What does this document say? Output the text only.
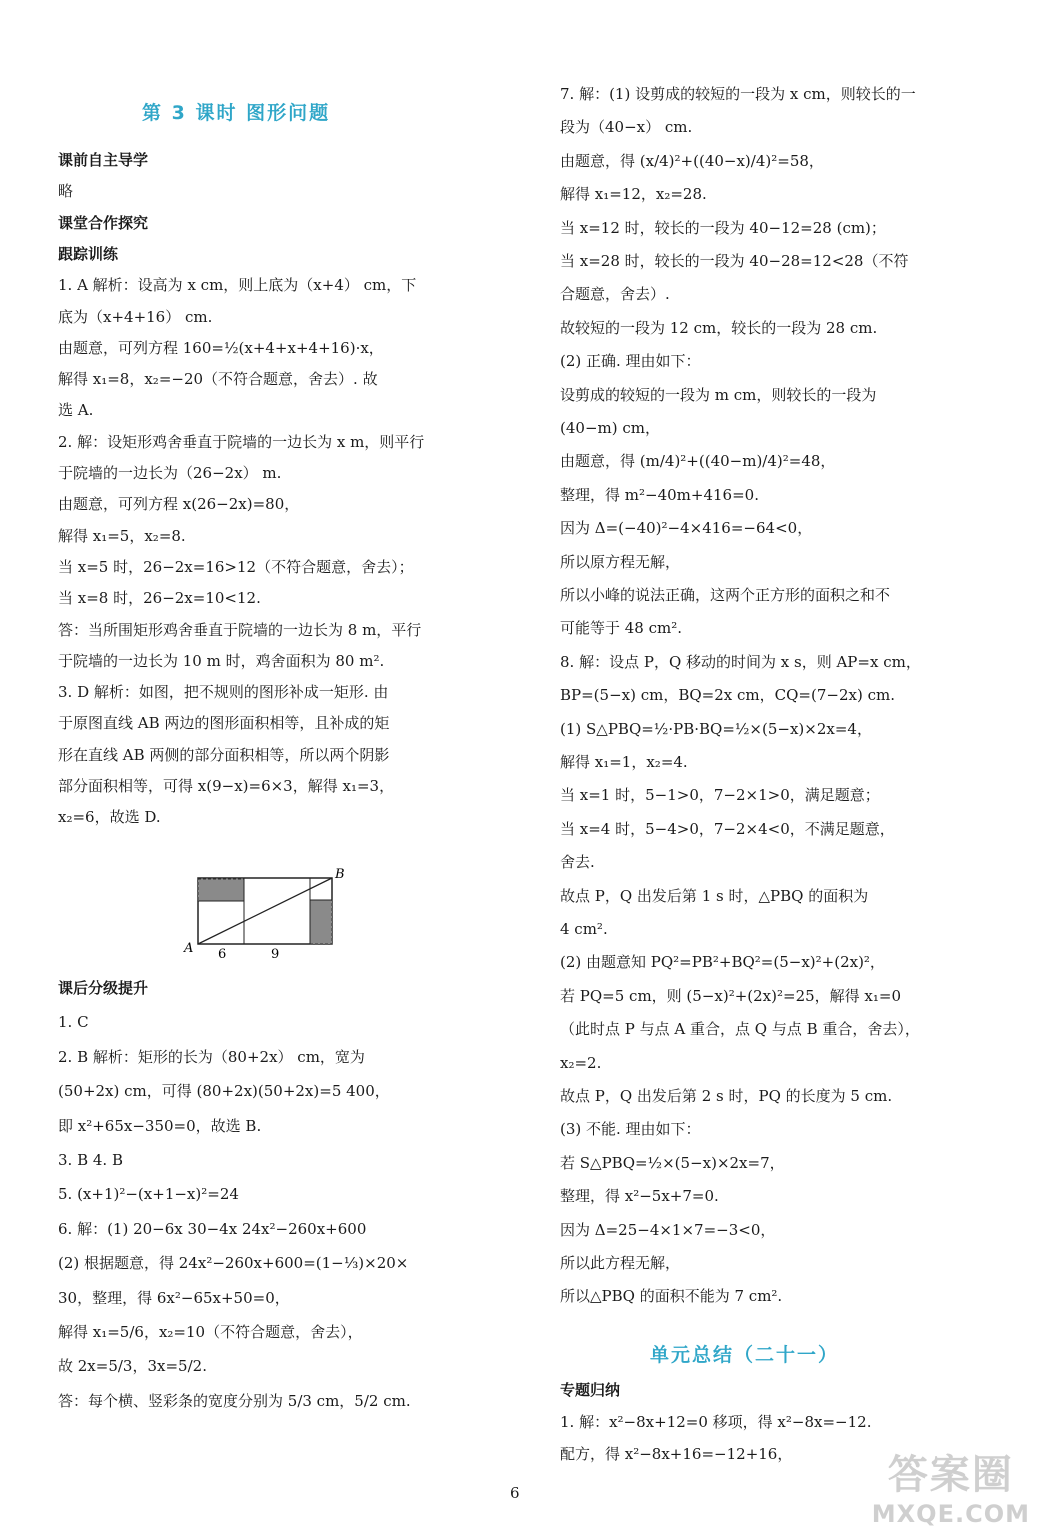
课前自主导学
略
课堂合作探究
跟踪训练
1. A 解析：设高为 x cm，则上底为（x+4） cm，下
底为（x+4+16） cm.
由题意，可列方程 160=½(x+4+x+4+16)·x，
解得 x₁=8，x₂=−20（不符合题意，舍去）. 故
选 A.
2. 解：设矩形鸡舍垂直于院墙的一边长为 x m，则平行
于院墙的一边长为（26−2x） m.
由题意，可列方程 x(26−2x)=80，
解得 x₁=5，x₂=8.
当 x=5 时，26−2x=16>12（不符合题意，舍去）；
当 x=8 时，26−2x=10<12.
答：当所围矩形鸡舍垂直于院墙的一边长为 8 m，平行
于院墙的一边长为 10 m 时，鸡舍面积为 80 m².
3. D 解析：如图，把不规则的图形补成一矩形. 由
于原图直线 AB 两边的图形面积相等，且补成的矩
形在直线 AB 两侧的部分面积相等，所以两个阴影
部分面积相等，可得 x(9−x)=6×3，解得 x₁=3，
x₂=6，故选 D.
课后分级提升
1. C
2. B 解析：矩形的长为（80+2x） cm，宽为
(50+2x) cm，可得 (80+2x)(50+2x)=5 400，
即 x²+65x−350=0，故选 B.
3. B 4. B
5. (x+1)²−(x+1−x)²=24
6. 解：(1) 20−6x 30−4x 24x²−260x+600
(2) 根据题意，得 24x²−260x+600=(1−⅓)×20×
30，整理，得 6x²−65x+50=0，
解得 x₁=5/6，x₂=10（不符合题意，舍去），
故 2x=5/3，3x=5/2.
答：每个横、竖彩条的宽度分别为 5/3 cm，5/2 cm.
7. 解：(1) 设剪成的较短的一段为 x cm，则较长的一
段为（40−x） cm.
由题意，得 (x/4)²+((40−x)/4)²=58，
解得 x₁=12，x₂=28.
当 x=12 时，较长的一段为 40−12=28 (cm)；
当 x=28 时，较长的一段为 40−28=12<28（不符
合题意，舍去）.
故较短的一段为 12 cm，较长的一段为 28 cm.
(2) 正确. 理由如下：
设剪成的较短的一段为 m cm，则较长的一段为
(40−m) cm，
由题意，得 (m/4)²+((40−m)/4)²=48，
整理，得 m²−40m+416=0.
因为 Δ=(−40)²−4×416=−64<0，
所以原方程无解，
所以小峰的说法正确，这两个正方形的面积之和不
可能等于 48 cm².
8. 解：设点 P，Q 移动的时间为 x s，则 AP=x cm，
BP=(5−x) cm，BQ=2x cm，CQ=(7−2x) cm.
(1) S△PBQ=½·PB·BQ=½×(5−x)×2x=4，
解得 x₁=1，x₂=4.
当 x=1 时，5−1>0，7−2×1>0，满足题意；
当 x=4 时，5−4>0，7−2×4<0，不满足题意，
舍去.
故点 P，Q 出发后第 1 s 时，△PBQ 的面积为
4 cm².
(2) 由题意知 PQ²=PB²+BQ²=(5−x)²+(2x)²，
若 PQ=5 cm，则 (5−x)²+(2x)²=25，解得 x₁=0
（此时点 P 与点 A 重合，点 Q 与点 B 重合，舍去），
x₂=2.
故点 P，Q 出发后第 2 s 时，PQ 的长度为 5 cm.
(3) 不能. 理由如下：
若 S△PBQ=½×(5−x)×2x=7，
整理，得 x²−5x+7=0.
因为 Δ=25−4×1×7=−3<0，
所以此方程无解，
所以△PBQ 的面积不能为 7 cm².
专题归纳
1. 解：x²−8x+12=0 移项，得 x²−8x=−12.
配方，得 x²−8x+16=−12+16，
第 3 课时 图形问题
单元总结（二十一）
A
B
6	9
6	答案圈
MXQE.COM
